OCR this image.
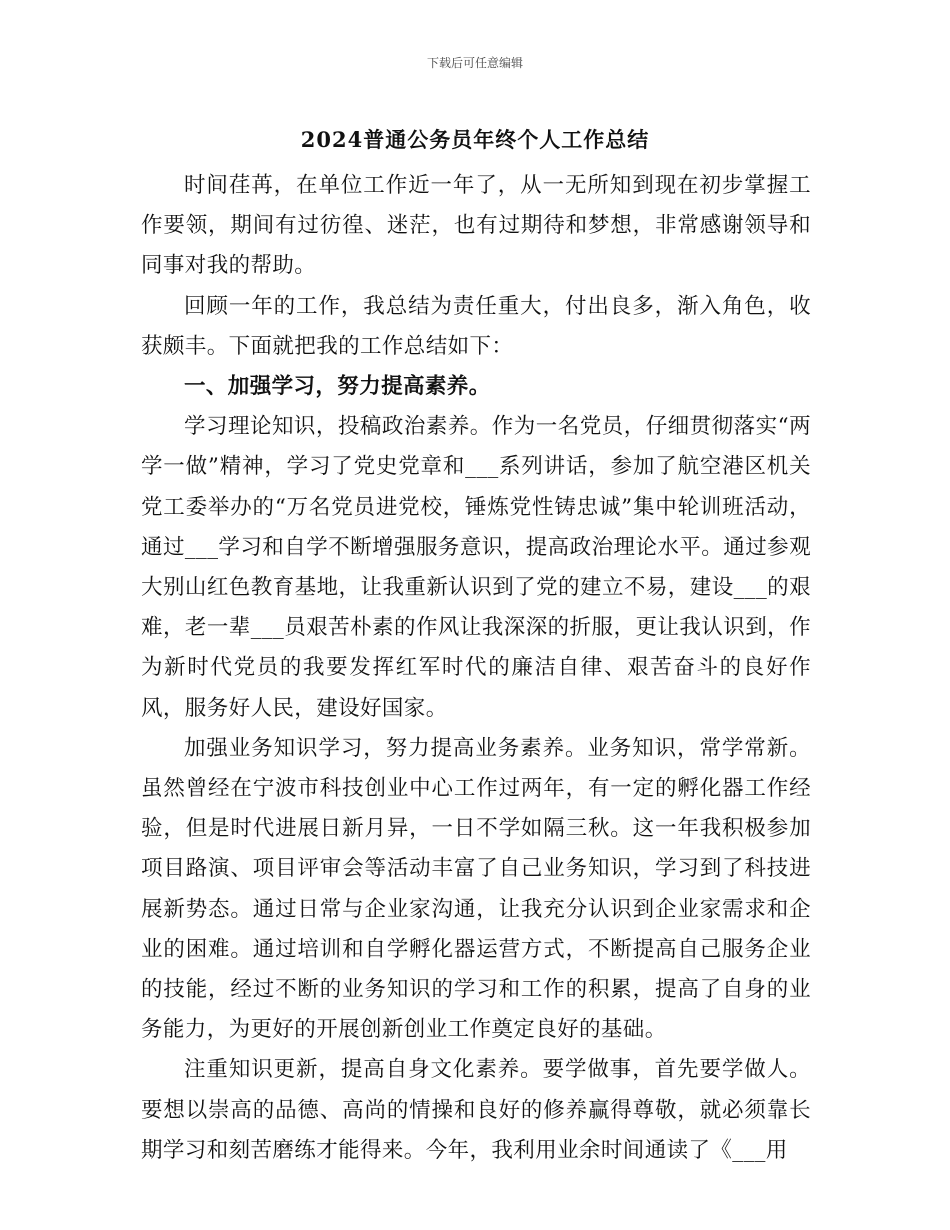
下载后可任意编辑
2024普通公务员年终个人工作总结

时间荏苒，在单位工作近一年了，从一无所知到现在初步掌握工作要领，期间有过彷徨、迷茫，也有过期待和梦想，非常感谢领导和同事对我的帮助。

回顾一年的工作，我总结为责任重大，付出良多，渐入角色，收获颇丰。下面就把我的工作总结如下：

一、加强学习，努力提高素养。

学习理论知识，投稿政治素养。作为一名党员，仔细贯彻落实“两学一做”精神，学习了党史党章和___系列讲话，参加了航空港区机关党工委举办的“万名党员进党校，锤炼党性铸忠诚”集中轮训班活动，通过___学习和自学不断增强服务意识，提高政治理论水平。通过参观大别山红色教育基地，让我重新认识到了党的建立不易，建设___的艰难，老一辈___员艰苦朴素的作风让我深深的折服，更让我认识到，作为新时代党员的我要发挥红军时代的廉洁自律、艰苦奋斗的良好作风，服务好人民，建设好国家。

加强业务知识学习，努力提高业务素养。业务知识，常学常新。虽然曾经在宁波市科技创业中心工作过两年，有一定的孵化器工作经验，但是时代进展日新月异，一日不学如隔三秋。这一年我积极参加项目路演、项目评审会等活动丰富了自己业务知识，学习到了科技进展新势态。通过日常与企业家沟通，让我充分认识到企业家需求和企业的困难。通过培训和自学孵化器运营方式，不断提高自己服务企业的技能，经过不断的业务知识的学习和工作的积累，提高了自身的业务能力，为更好的开展创新创业工作奠定良好的基础。

注重知识更新，提高自身文化素养。要学做事，首先要学做人。要想以崇高的品德、高尚的情操和良好的修养赢得尊敬，就必须靠长期学习和刻苦磨练才能得来。今年，我利用业余时间通读了《___用
